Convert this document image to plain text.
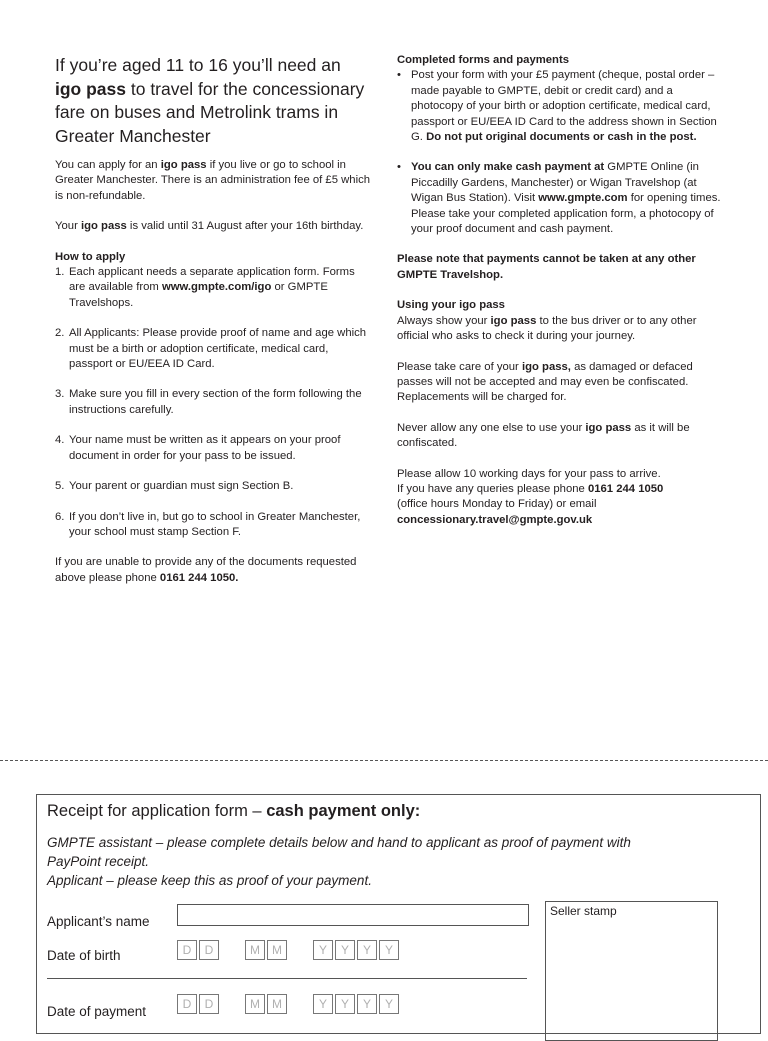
If you’re aged 11 to 16 you’ll need an igo pass to travel for the concessionary fare on buses and Metrolink trams in Greater Manchester

You can apply for an igo pass if you live or go to school in Greater Manchester. There is an administration fee of £5 which is non-refundable.

Your igo pass is valid until 31 August after your 16th birthday.

How to apply
1. Each applicant needs a separate application form. Forms are available from www.gmpte.com/igo or GMPTE Travelshops.
2. All Applicants: Please provide proof of name and age which must be a birth or adoption certificate, medical card, passport or EU/EEA ID Card.
3. Make sure you fill in every section of the form following the instructions carefully.
4. Your name must be written as it appears on your proof document in order for your pass to be issued.
5. Your parent or guardian must sign Section B.
6. If you don’t live in, but go to school in Greater Manchester, your school must stamp Section F.

If you are unable to provide any of the documents requested above please phone 0161 244 1050.

Completed forms and payments
• Post your form with your £5 payment (cheque, postal order – made payable to GMPTE, debit or credit card) and a photocopy of your birth or adoption certificate, medical card, passport or EU/EEA ID Card to the address shown in Section G. Do not put original documents or cash in the post.
• You can only make cash payment at GMPTE Online (in Piccadilly Gardens, Manchester) or Wigan Travelshop (at Wigan Bus Station). Visit www.gmpte.com for opening times. Please take your completed application form, a photocopy of your proof document and cash payment.

Please note that payments cannot be taken at any other GMPTE Travelshop.

Using your igo pass

Always show your igo pass to the bus driver or to any other official who asks to check it during your journey.

Please take care of your igo pass, as damaged or defaced passes will not be accepted and may even be confiscated. Replacements will be charged for.

Never allow any one else to use your igo pass as it will be confiscated.

Please allow 10 working days for your pass to arrive.
If you have any queries please phone 0161 244 1050
(office hours Monday to Friday) or email
concessionary.travel@gmpte.gov.uk
Receipt for application form – cash payment only:
GMPTE assistant – please complete details below and hand to applicant as proof of payment with PayPoint receipt.
Applicant – please keep this as proof of your payment.
Applicant’s name
Date of birth	D	D	M	M	Y	Y	Y	Y
Date of payment	D	D	M	M	Y	Y	Y	Y
Seller stamp
